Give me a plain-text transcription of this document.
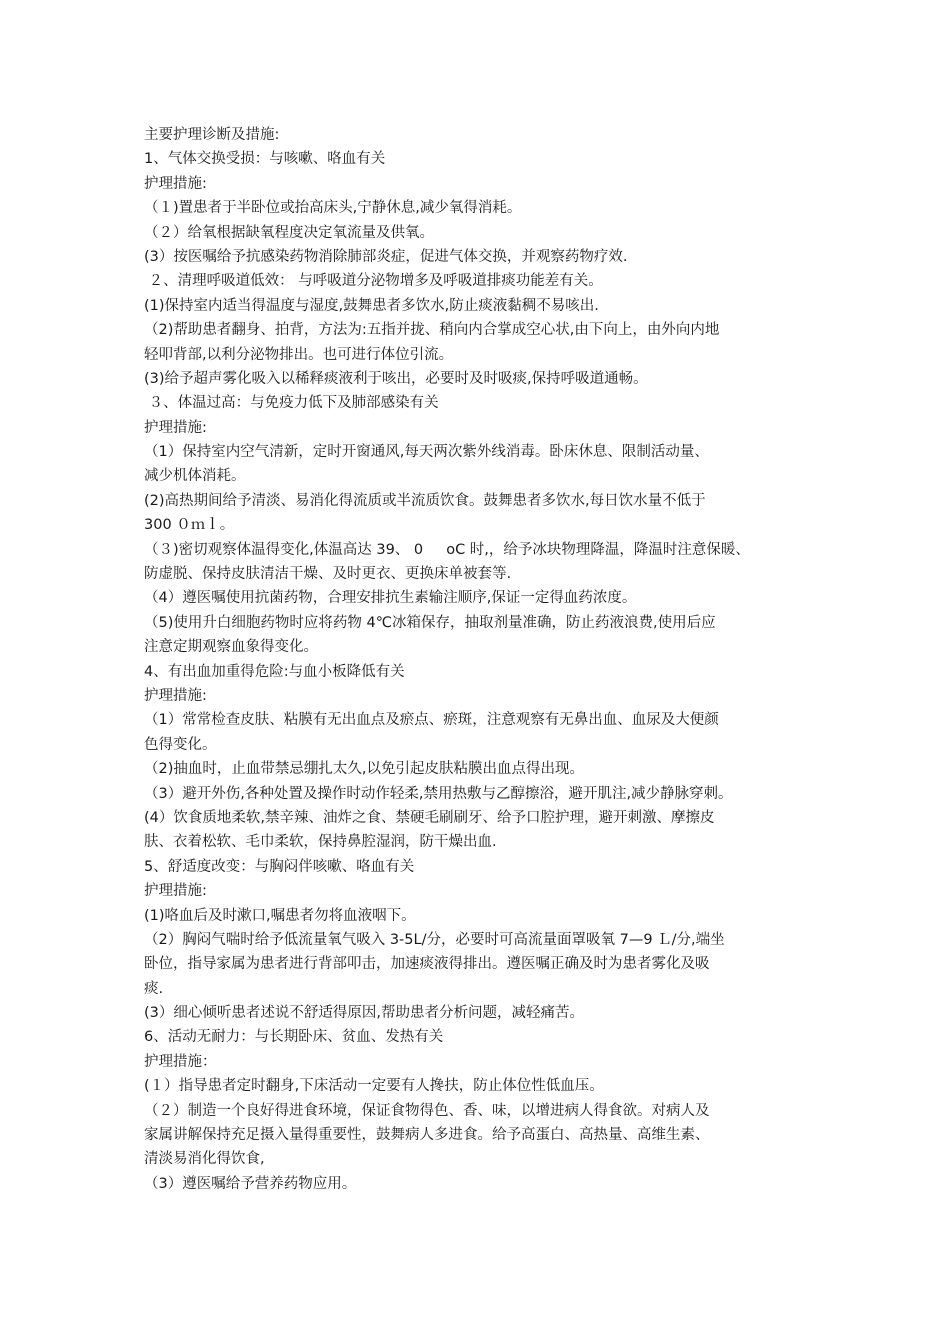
主要护理诊断及措施:
1、气体交换受损：与咳嗽、咯血有关
护理措施:
（１)置患者于半卧位或抬高床头,宁静休息,减少氧得消耗。
（２）给氧根据缺氧程度决定氧流量及供氧。
(3）按医嘱给予抗感染药物消除肺部炎症，促进气体交换，并观察药物疗效.
２、清理呼吸道低效： 与呼吸道分泌物增多及呼吸道排痰功能差有关。
(1)保持室内适当得温度与湿度,鼓舞患者多饮水,防止痰液黏稠不易咳出.
（2)帮助患者翻身、拍背，方法为:五指并拢、稍向内合掌成空心状,由下向上，由外向内地
轻叩背部,以利分泌物排出。也可进行体位引流。
(3)给予超声雾化吸入以稀释痰液利于咳出，必要时及时吸痰,保持呼吸道通畅。
３、体温过高：与免疫力低下及肺部感染有关
护理措施:
（1）保持室内空气清新，定时开窗通风,每天两次紫外线消毒。卧床休息、限制活动量、
减少机体消耗。
(2)高热期间给予清淡、易消化得流质或半流质饮食。鼓舞患者多饮水,每日饮水量不低于
300 ０ｍｌ。
（３)密切观察体温得变化,体温高达 39、 0     oC 时,，给予冰块物理降温，降温时注意保暖、
防虚脱、保持皮肤清洁干燥、及时更衣、更换床单被套等.
（4）遵医嘱使用抗菌药物，合理安排抗生素输注顺序,保证一定得血药浓度。
（5)使用升白细胞药物时应将药物 4℃冰箱保存，抽取剂量准确，防止药液浪费,使用后应
注意定期观察血象得变化。
4、有出血加重得危险:与血小板降低有关
护理措施:
（1）常常检查皮肤、粘膜有无出血点及瘀点、瘀斑，注意观察有无鼻出血、血尿及大便颜
色得变化。
（2)抽血时，止血带禁忌绷扎太久,以免引起皮肤粘膜出血点得出现。
（3）避开外伤,各种处置及操作时动作轻柔,禁用热敷与乙醇擦浴，避开肌注,减少静脉穿刺。
(4）饮食质地柔软,禁辛辣、油炸之食、禁硬毛刷刷牙、给予口腔护理，避开刺激、摩擦皮
肤、衣着松软、毛巾柔软，保持鼻腔湿润，防干燥出血.
5、舒适度改变：与胸闷伴咳嗽、咯血有关
护理措施:
(1)咯血后及时漱口,嘱患者勿将血液咽下。
（2）胸闷气喘时给予低流量氧气吸入 3-5L/分，必要时可高流量面罩吸氧 7—9 Ｌ/分,端坐
卧位，指导家属为患者进行背部叩击，加速痰液得排出。遵医嘱正确及时为患者雾化及吸
痰.
(3）细心倾听患者述说不舒适得原因,帮助患者分析问题，减轻痛苦。
6、活动无耐力：与长期卧床、贫血、发热有关
护理措施：
(１）指导患者定时翻身,下床活动一定要有人搀扶，防止体位性低血压。
（２）制造一个良好得进食环境，保证食物得色、香、味，以增进病人得食欲。对病人及
家属讲解保持充足摄入量得重要性，鼓舞病人多进食。给予高蛋白、高热量、高维生素、
清淡易消化得饮食,
（3）遵医嘱给予营养药物应用。
